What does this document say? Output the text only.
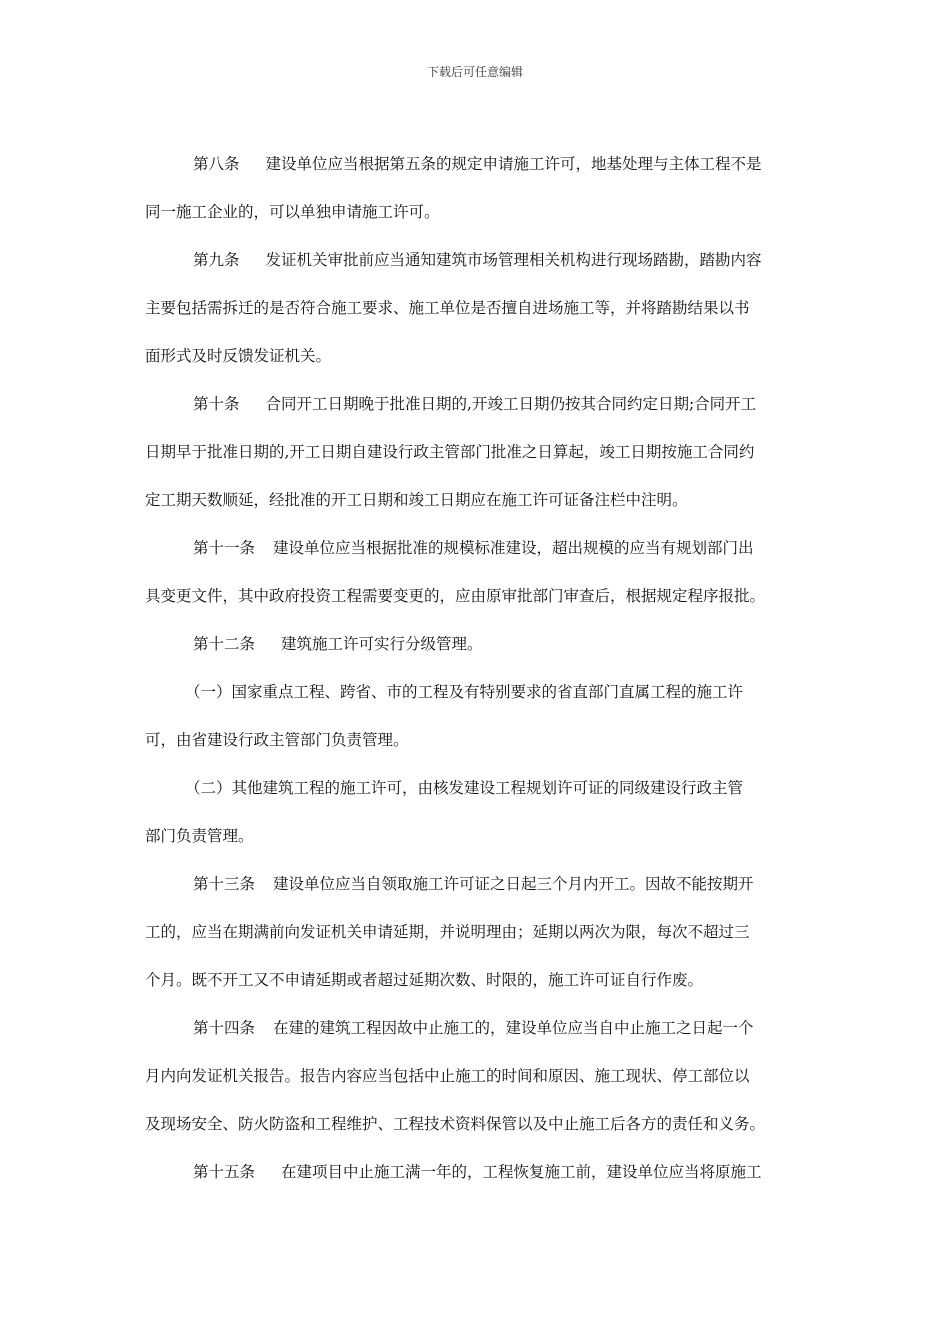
下载后可任意编辑
第八条 建设单位应当根据第五条的规定申请施工许可，地基处理与主体工程不是
同一施工企业的，可以单独申请施工许可。
第九条 发证机关审批前应当通知建筑市场管理相关机构进行现场踏勘，踏勘内容
主要包括需拆迁的是否符合施工要求、施工单位是否擅自进场施工等，并将踏勘结果以书
面形式及时反馈发证机关。
第十条 合同开工日期晚于批准日期的,开竣工日期仍按其合同约定日期;合同开工
日期早于批准日期的,开工日期自建设行政主管部门批准之日算起，竣工日期按施工合同约
定工期天数顺延，经批准的开工日期和竣工日期应在施工许可证备注栏中注明。
第十一条 建设单位应当根据批准的规模标准建设，超出规模的应当有规划部门出
具变更文件，其中政府投资工程需要变更的，应由原审批部门审查后，根据规定程序报批。
第十二条 建筑施工许可实行分级管理。
（一）国家重点工程、跨省、市的工程及有特别要求的省直部门直属工程的施工许
可，由省建设行政主管部门负责管理。
（二）其他建筑工程的施工许可，由核发建设工程规划许可证的同级建设行政主管
部门负责管理。
第十三条 建设单位应当自领取施工许可证之日起三个月内开工。因故不能按期开
工的，应当在期满前向发证机关申请延期，并说明理由；延期以两次为限，每次不超过三
个月。既不开工又不申请延期或者超过延期次数、时限的，施工许可证自行作废。
第十四条 在建的建筑工程因故中止施工的，建设单位应当自中止施工之日起一个
月内向发证机关报告。报告内容应当包括中止施工的时间和原因、施工现状、停工部位以
及现场安全、防火防盗和工程维护、工程技术资料保管以及中止施工后各方的责任和义务。
第十五条 在建项目中止施工满一年的，工程恢复施工前，建设单位应当将原施工
